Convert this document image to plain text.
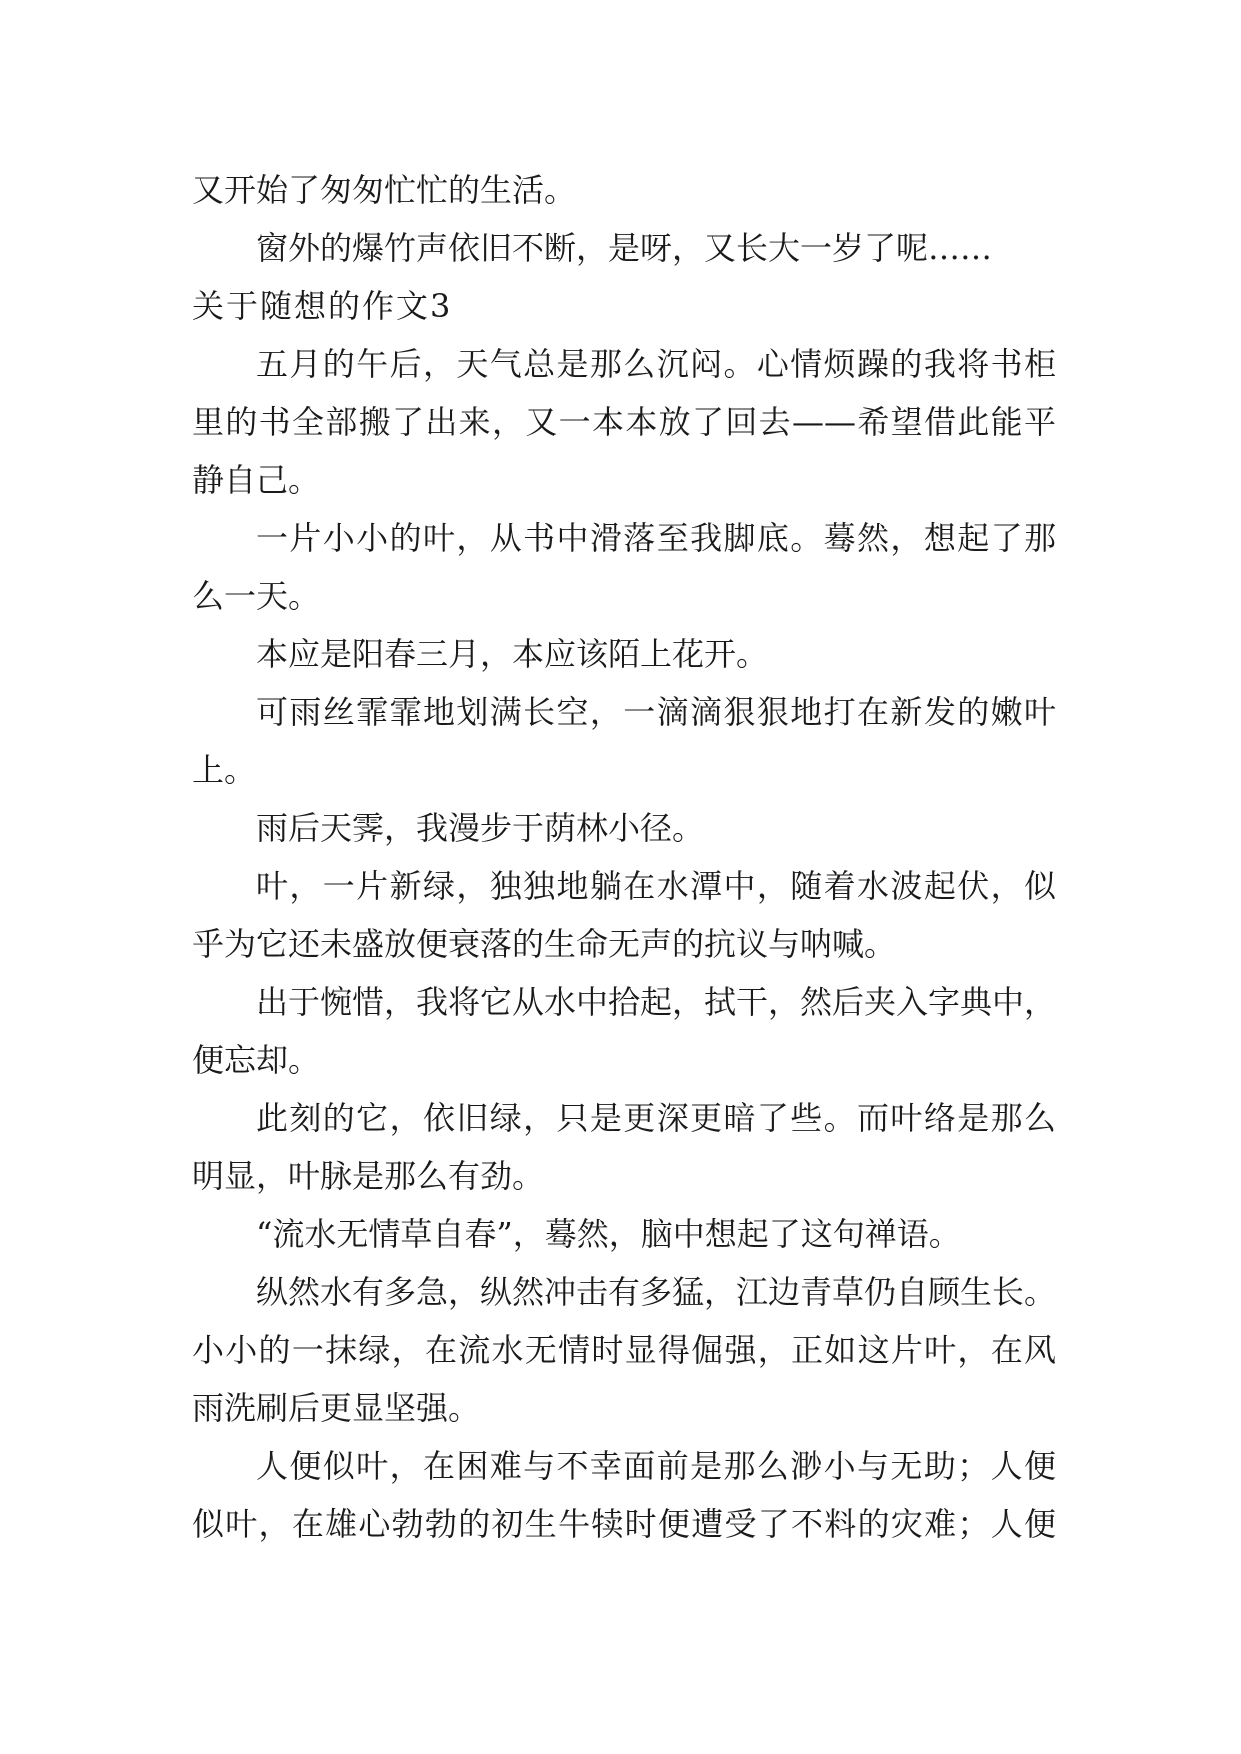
又开始了匆匆忙忙的生活。
窗外的爆竹声依旧不断，是呀，又长大一岁了呢……
关于随想的作文3
五月的午后，天气总是那么沉闷。心情烦躁的我将书柜
里的书全部搬了出来，又一本本放了回去——希望借此能平
静自己。
一片小小的叶，从书中滑落至我脚底。蓦然，想起了那
么一天。
本应是阳春三月，本应该陌上花开。
可雨丝霏霏地划满长空，一滴滴狠狠地打在新发的嫩叶
上。
雨后天霁，我漫步于荫林小径。
叶，一片新绿，独独地躺在水潭中，随着水波起伏，似
乎为它还未盛放便衰落的生命无声的抗议与呐喊。
出于惋惜，我将它从水中拾起，拭干，然后夹入字典中，
便忘却。
此刻的它，依旧绿，只是更深更暗了些。而叶络是那么
明显，叶脉是那么有劲。
“流水无情草自春”，蓦然，脑中想起了这句禅语。
纵然水有多急，纵然冲击有多猛，江边青草仍自顾生长。
小小的一抹绿，在流水无情时显得倔强，正如这片叶，在风
雨洗刷后更显坚强。
人便似叶，在困难与不幸面前是那么渺小与无助；人便
似叶，在雄心勃勃的初生牛犊时便遭受了不料的灾难；人便
